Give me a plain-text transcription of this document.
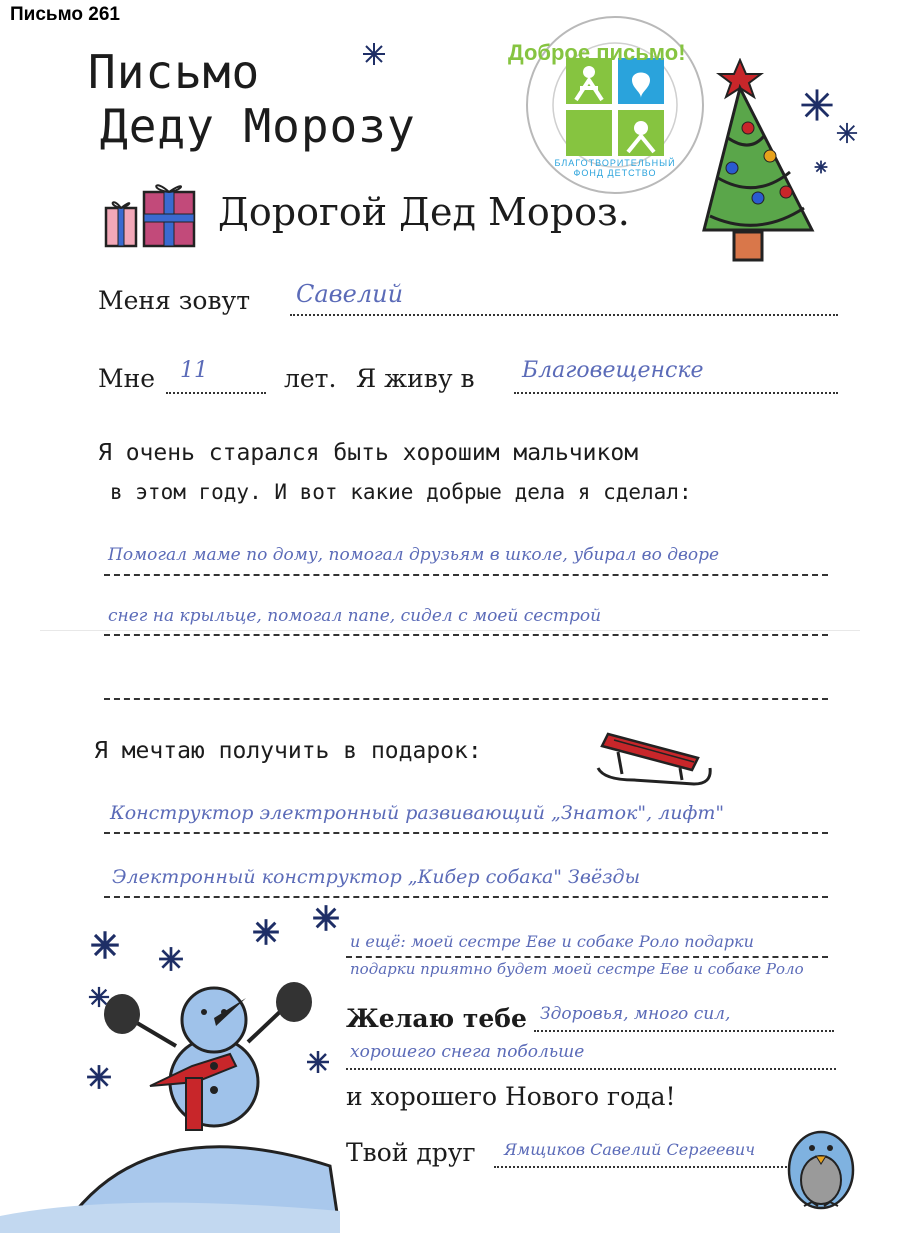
Письмо 261
Письмо
Деду Морозу
БЛАГОТВОРИТЕЛЬНЫЙ ФОНД ДЕТСТВО
Доброе письмо!
Дорогой Дед Мороз.
Меня зовут Савелий
Мне 11	лет. Я живу в Благовещенске
Я очень старался быть хорошим мальчиком
в этом году. И вот какие добрые дела я сделал:
Помогал маме по дому, помогал друзьям в школе, убирал во дворе
снег на крыльце, помогал папе, сидел с моей сестрой
Я мечтаю получить в подарок:
Конструктор электронный развивающий „Знаток", лифт"
Электронный конструктор „Кибер собака" Звёзды
и ещё: моей сестре Еве и собаке Роло подарки
подарки приятно будет моей сестре Еве и собаке Роло
Желаю тебе Здоровья, много сил,
хорошего снега побольше
и хорошего Нового года!
Твой друг Ямщиков Савелий Сергеевич
